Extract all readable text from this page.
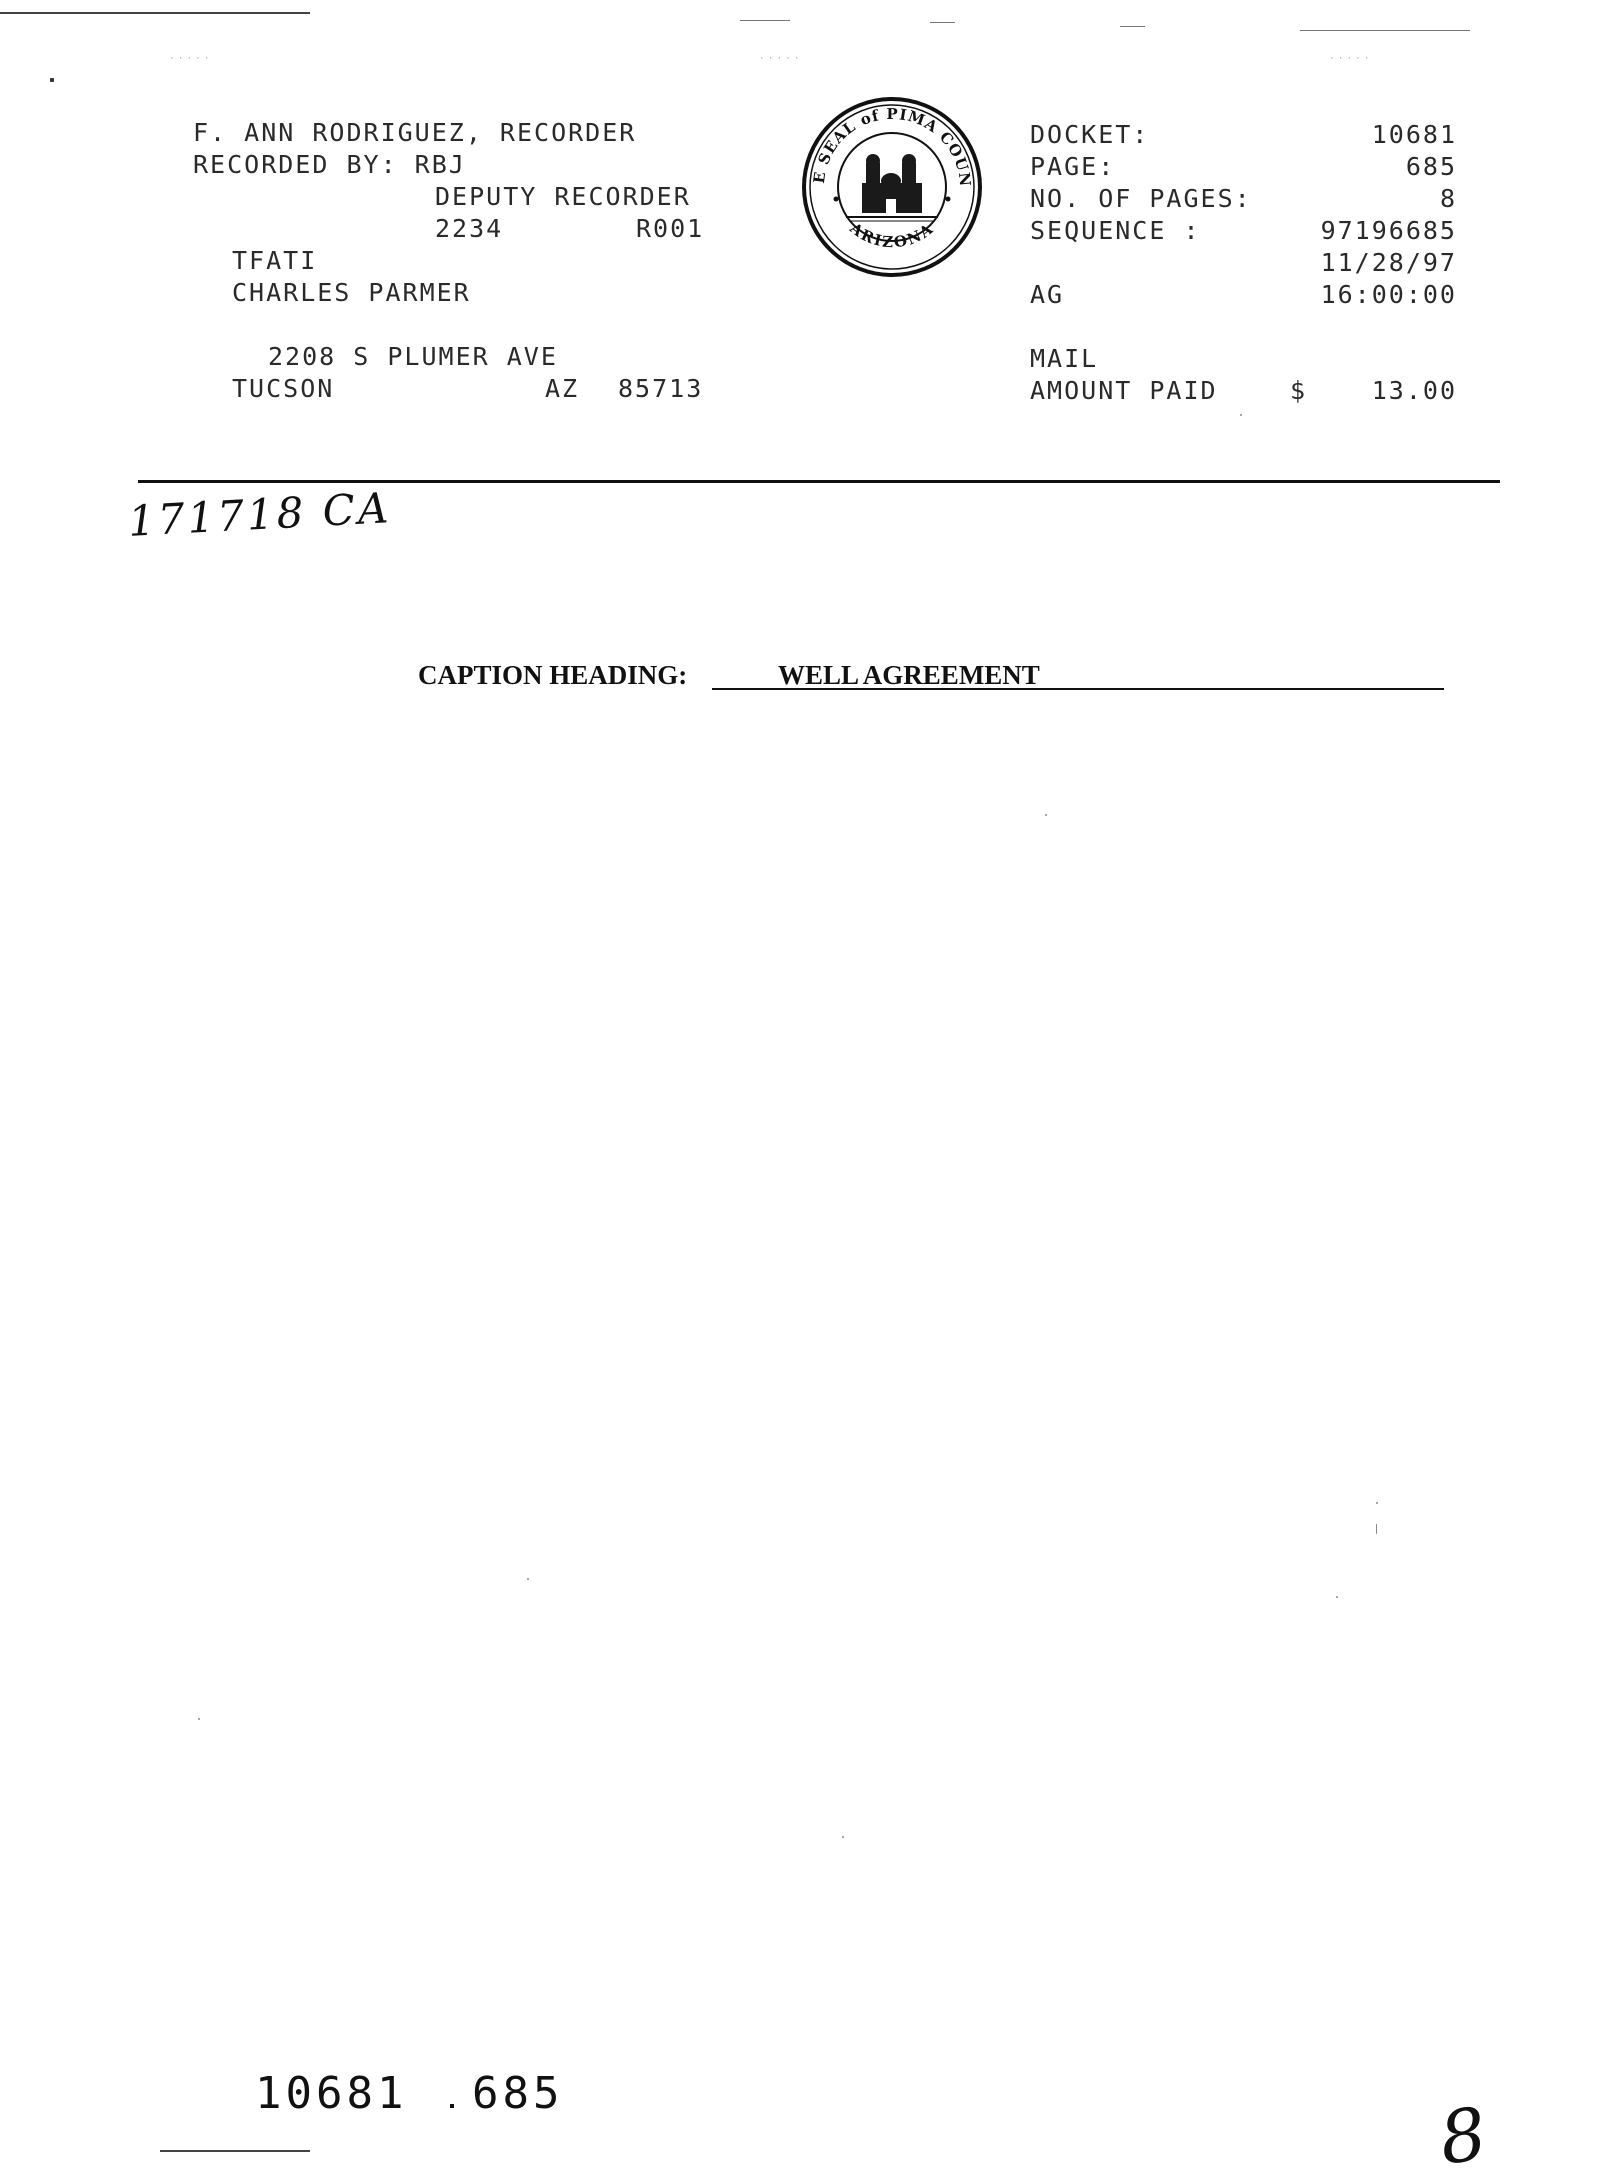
· · · · ·	· · · · ·	· · · · ·
F. ANN RODRIGUEZ, RECORDER
RECORDED BY: RBJ
DEPUTY RECORDER
2234	R001
TFATI
CHARLES PARMER
2208 S PLUMER AVE
TUCSON	AZ 85713
E SEAL of PIMA COUN
ARIZONA
DOCKET:	10681
PAGE:	685
NO. OF PAGES:	8
SEQUENCE :	97196685
11/28/97
AG	16:00:00
MAIL
AMOUNT PAID	$	13.00
171718 CA
CAPTION HEADING:	WELL AGREEMENT
10681 685	8
